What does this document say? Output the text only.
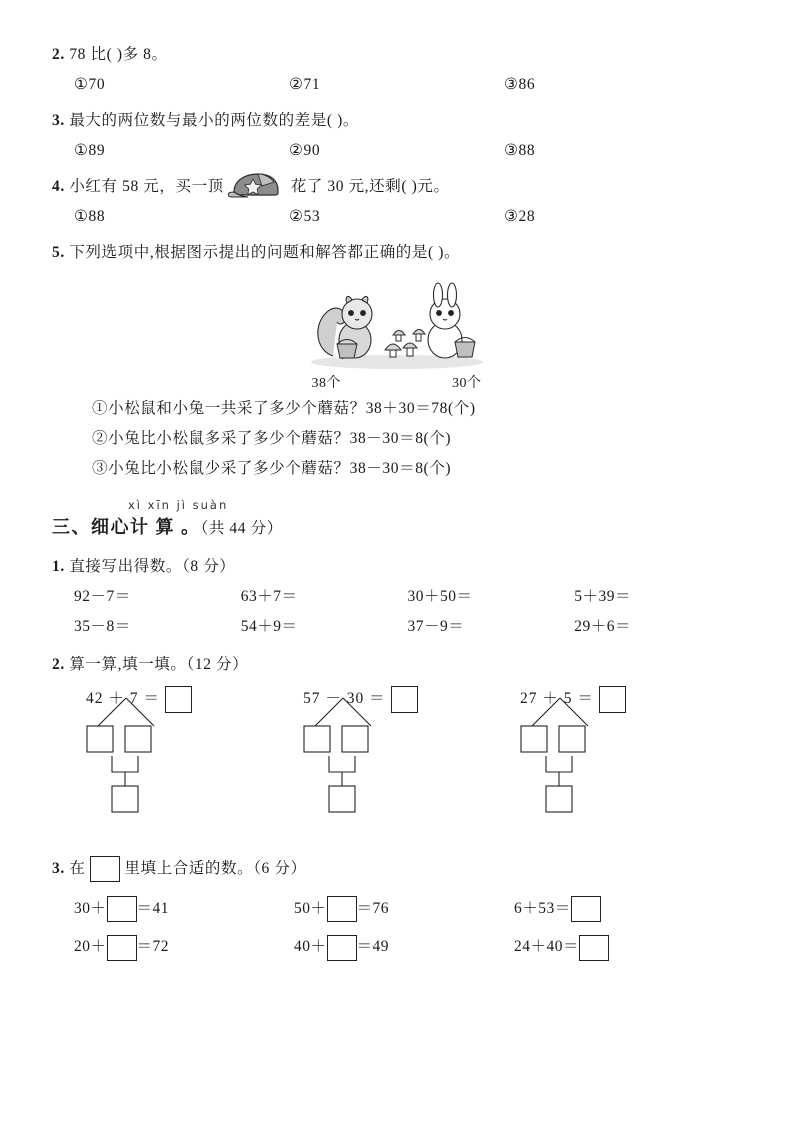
2. 78 比( )多 8。
①70	②71	③86
3. 最大的两位数与最小的两位数的差是( )。
①89	②90	③88
4. 小红有 58 元，买一顶	花了 30 元,还剩( )元。
①88	②53	③28
5. 下列选项中,根据图示提出的问题和解答都正确的是( )。
38个	30个
①小松鼠和小兔一共采了多少个蘑菇？38＋30＝78(个)
②小兔比小松鼠多采了多少个蘑菇？38－30＝8(个)
③小兔比小松鼠少采了多少个蘑菇？38－30＝8(个)
xì xīn jì suàn
三、细心计 算 。（共 44 分）
1. 直接写出得数。（8 分）
92－7＝	63＋7＝	30＋50＝	5＋39＝
35－8＝	54＋9＝	37－9＝	29＋6＝
2. 算一算,填一填。（12 分）
42 ＋ 7 ＝	57 － 30 ＝	27 ＋ 5 ＝
3. 在	里填上合适的数。（6 分）
30＋ ＝41	50＋ ＝76	6＋53＝
20＋ ＝72	40＋ ＝49	24＋40＝
